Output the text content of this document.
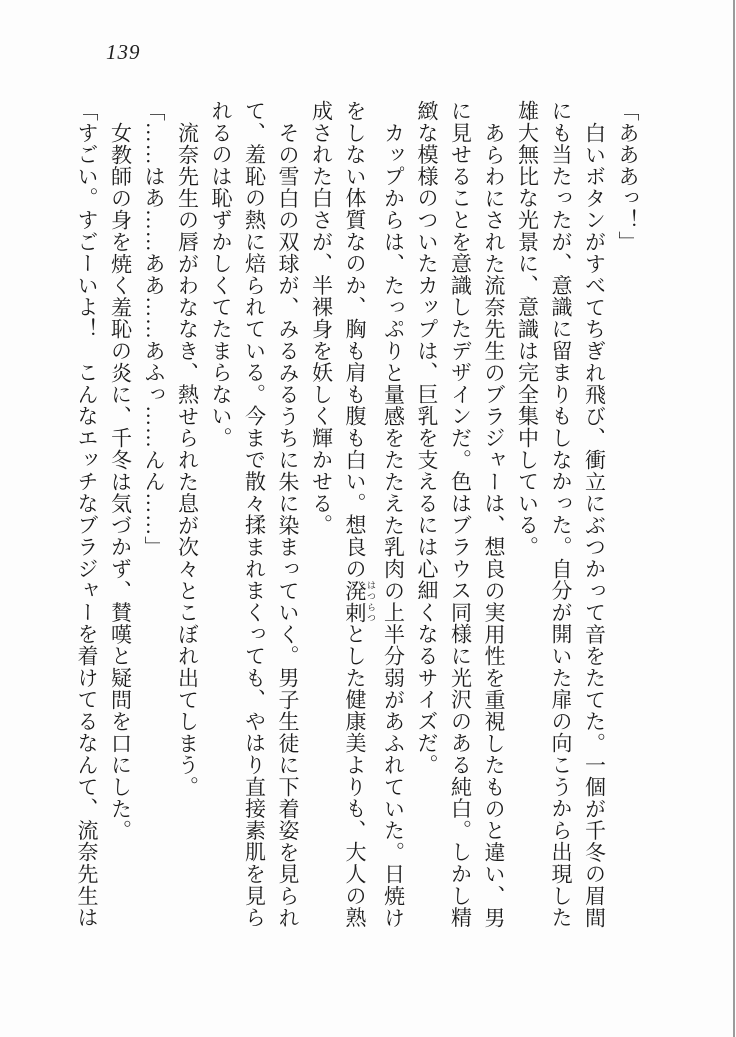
139
「あああっ！」
白いボタンがすべてちぎれ飛び、衝立にぶつかって音をたてた。一個が千冬の眉間
にも当たったが、意識に留まりもしなかった。自分が開いた扉の向こうから出現した
雄大無比な光景に、意識は完全集中している。
あらわにされた流奈先生のブラジャーは、想良の実用性を重視したものと違い、男
に見せることを意識したデザインだ。色はブラウス同様に光沢のある純白。しかし精
緻な模様のついたカップは、巨乳を支えるには心細くなるサイズだ。
カップからは、たっぷりと量感をたたえた乳肉の上半分弱があふれていた。日焼け
をしない体質なのか、胸も肩も腹も白い。想良の溌剌 はつらつとした健康美よりも、大人の熟
成された白さが、半裸身を妖しく輝かせる。
その雪白の双球が、みるみるうちに朱に染まっていく。男子生徒に下着姿を見られ
て、羞恥の熱に焙られている。今まで散々揉まれまくっても、やはり直接素肌を見ら
れるのは恥ずかしくてたまらない。
流奈先生の唇がわななき、熱せられた息が次々とこぼれ出てしまう。
「……はあ……ああ……あふっ……んん……」
女教師の身を焼く羞恥の炎に、千冬は気づかず、賛嘆と疑問を口にした。
「すごい。すごーいよ！　こんなエッチなブラジャーを着けてるなんて、流奈先生は
